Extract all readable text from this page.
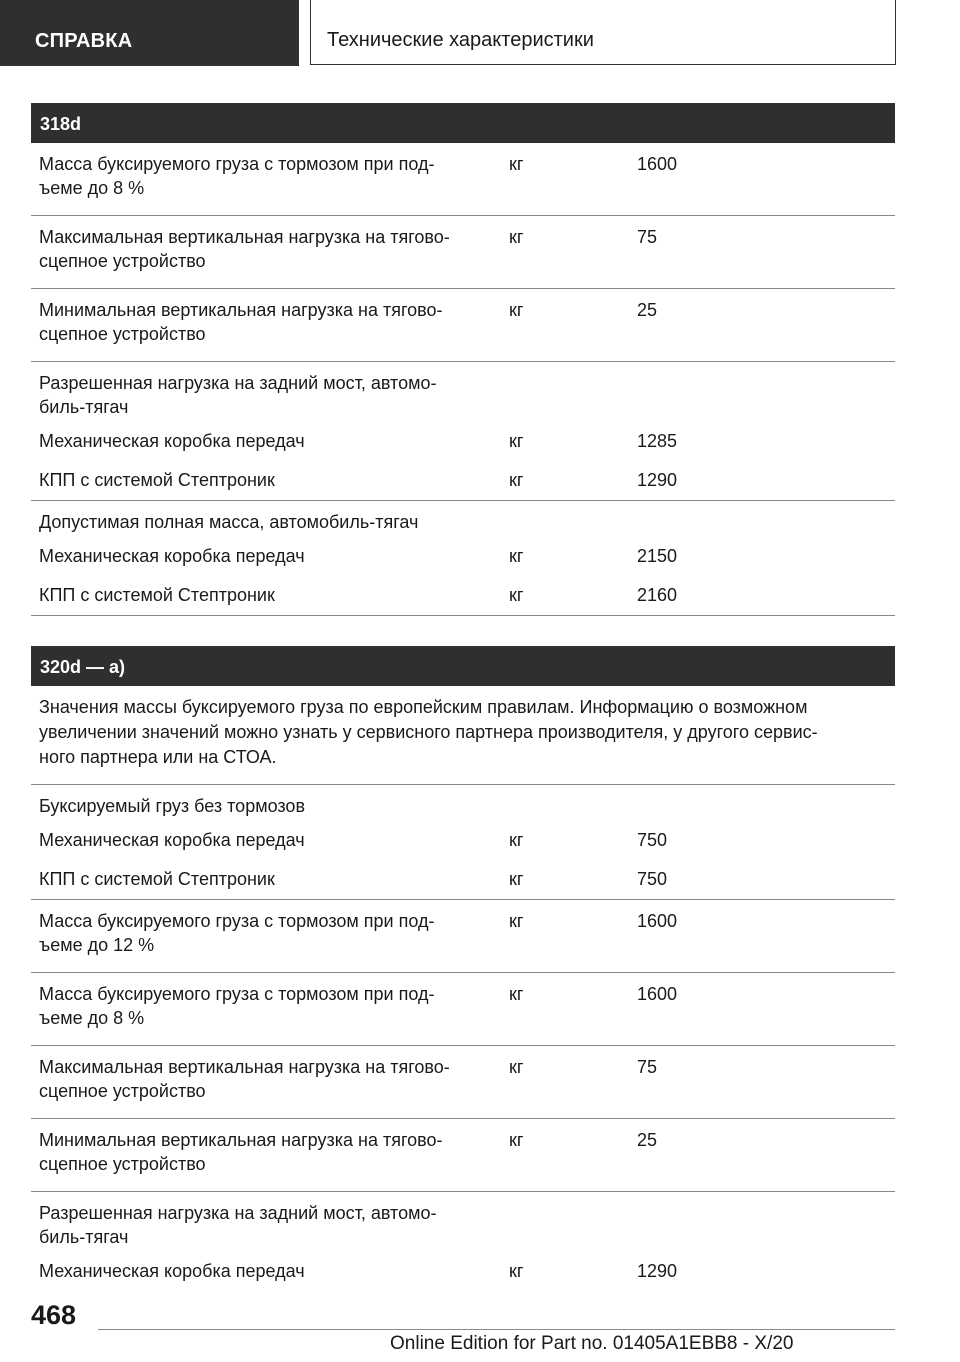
СПРАВКА	Технические характеристики
318d
Масса буксируемого груза с тормозом при под-
ъеме до 8 %
кг	1600
Максимальная вертикальная нагрузка на тягово-
сцепное устройство
кг	75
Минимальная вертикальная нагрузка на тягово-
сцепное устройство
кг	25
Разрешенная нагрузка на задний мост, автомо-
биль-тягач
Механическая коробка передач	кг	1285
КПП с системой Стептроник	кг	1290
Допустимая полная масса, автомобиль-тягач
Механическая коробка передач	кг	2150
КПП с системой Стептроник	кг	2160
320d — a)
Значения массы буксируемого груза по европейским правилам. Информацию о возможном
увеличении значений можно узнать у сервисного партнера производителя, у другого сервис-
ного партнера или на СТОА.
Буксируемый груз без тормозов
Механическая коробка передач	кг	750
КПП с системой Стептроник	кг	750
Масса буксируемого груза с тормозом при под-
ъеме до 12 %
кг	1600
Масса буксируемого груза с тормозом при под-
ъеме до 8 %
кг	1600
Максимальная вертикальная нагрузка на тягово-
сцепное устройство
кг	75
Минимальная вертикальная нагрузка на тягово-
сцепное устройство
кг	25
Разрешенная нагрузка на задний мост, автомо-
биль-тягач
Механическая коробка передач	кг	1290
468
Online Edition for Part no. 01405A1EBB8 - X/20
